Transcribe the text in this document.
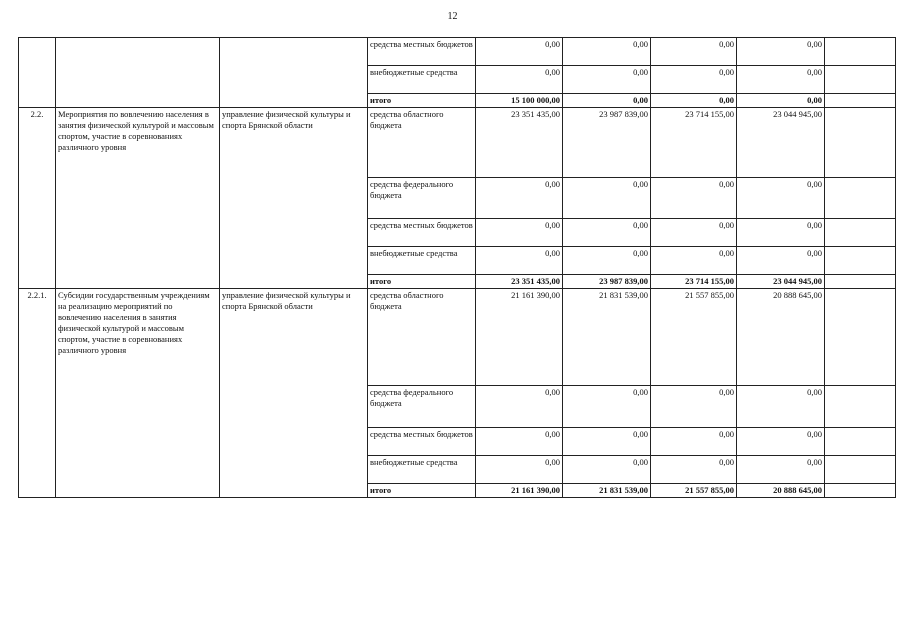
12
			средства местных бюджетов	0,00	0,00	0,00	0,00	
			внебюджетные средства	0,00	0,00	0,00	0,00	
			итого	15 100 000,00	0,00	0,00	0,00	
2.2.	Мероприятия по вовлечению населения в занятия физической культурой и массовым спортом, участие в соревнованиях различного уровня	управление физической культуры и спорта Брянской области	средства областного бюджета	23 351 435,00	23 987 839,00	23 714 155,00	23 044 945,00	
			средства федерального бюджета	0,00	0,00	0,00	0,00	
			средства местных бюджетов	0,00	0,00	0,00	0,00	
			внебюджетные средства	0,00	0,00	0,00	0,00	
			итого	23 351 435,00	23 987 839,00	23 714 155,00	23 044 945,00	
2.2.1.	Субсидии государственным учреждениям на реализацию мероприятий по вовлечению населения в занятия физической культурой и массовым спортом, участие в соревнованиях различного уровня	управление физической культуры и спорта Брянской области	средства областного бюджета	21 161 390,00	21 831 539,00	21 557 855,00	20 888 645,00	
			средства федерального бюджета	0,00	0,00	0,00	0,00	
			средства местных бюджетов	0,00	0,00	0,00	0,00	
			внебюджетные средства	0,00	0,00	0,00	0,00	
			итого	21 161 390,00	21 831 539,00	21 557 855,00	20 888 645,00	
